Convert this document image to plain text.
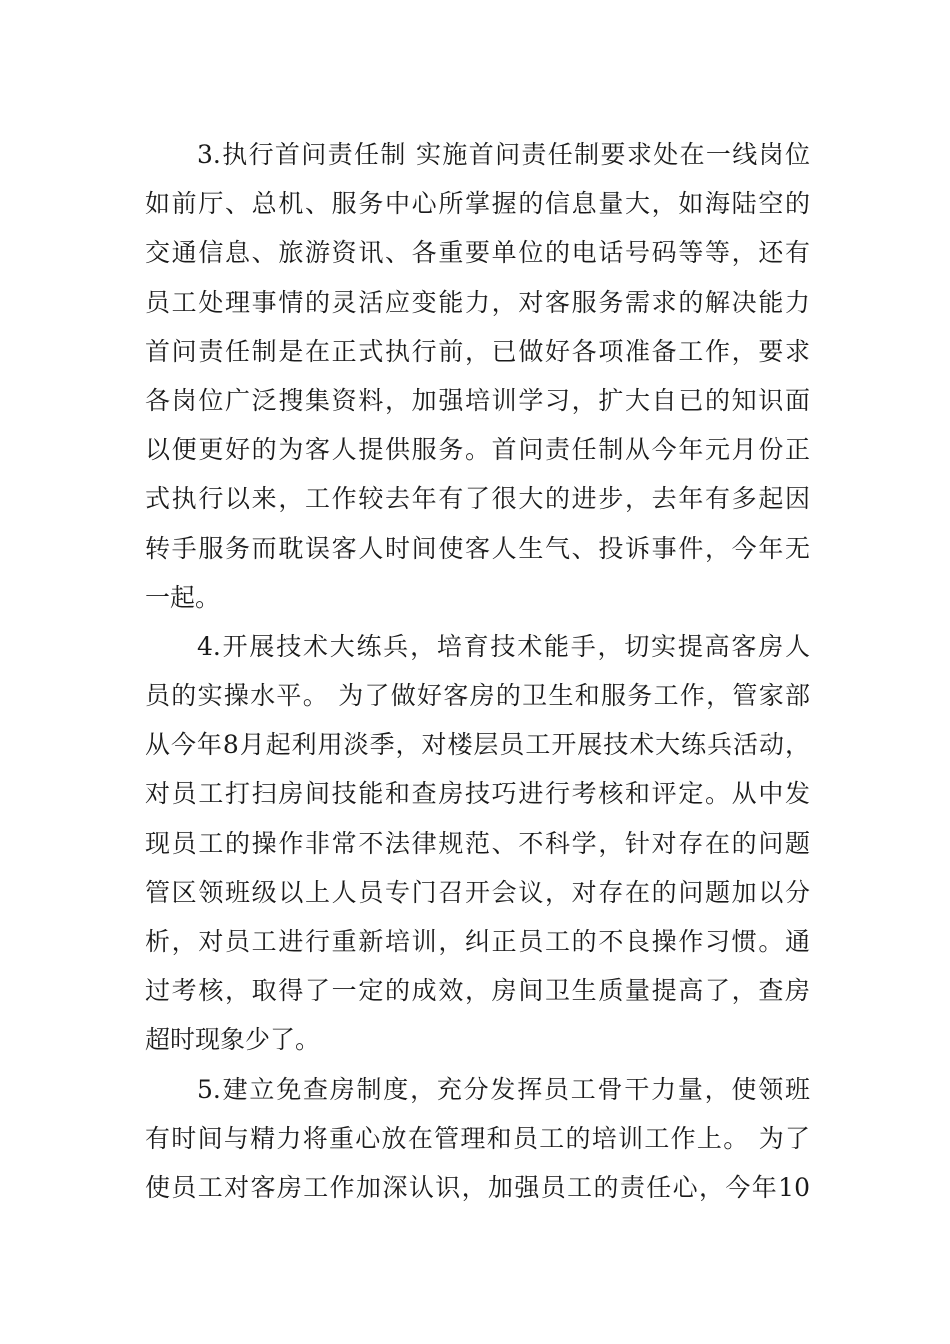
3.执行首问责任制 实施首问责任制要求处在一线岗位
如前厅、总机、服务中心所掌握的信息量大，如海陆空的
交通信息、旅游资讯、各重要单位的电话号码等等，还有
员工处理事情的灵活应变能力，对客服务需求的解决能力
首问责任制是在正式执行前，已做好各项准备工作，要求
各岗位广泛搜集资料，加强培训学习，扩大自已的知识面
以便更好的为客人提供服务。首问责任制从今年元月份正
式执行以来，工作较去年有了很大的进步，去年有多起因
转手服务而耽误客人时间使客人生气、投诉事件，今年无
一起。
4.开展技术大练兵，培育技术能手，切实提高客房人
员的实操水平。 为了做好客房的卫生和服务工作，管家部
从今年8月起利用淡季，对楼层员工开展技术大练兵活动，
对员工打扫房间技能和查房技巧进行考核和评定。从中发
现员工的操作非常不法律规范、不科学，针对存在的问题
管区领班级以上人员专门召开会议，对存在的问题加以分
析，对员工进行重新培训，纠正员工的不良操作习惯。通
过考核，取得了一定的成效，房间卫生质量提高了，查房
超时现象少了。
5.建立免查房制度，充分发挥员工骨干力量，使领班
有时间与精力将重心放在管理和员工的培训工作上。 为了
使员工对客房工作加深认识，加强员工的责任心，今年10
